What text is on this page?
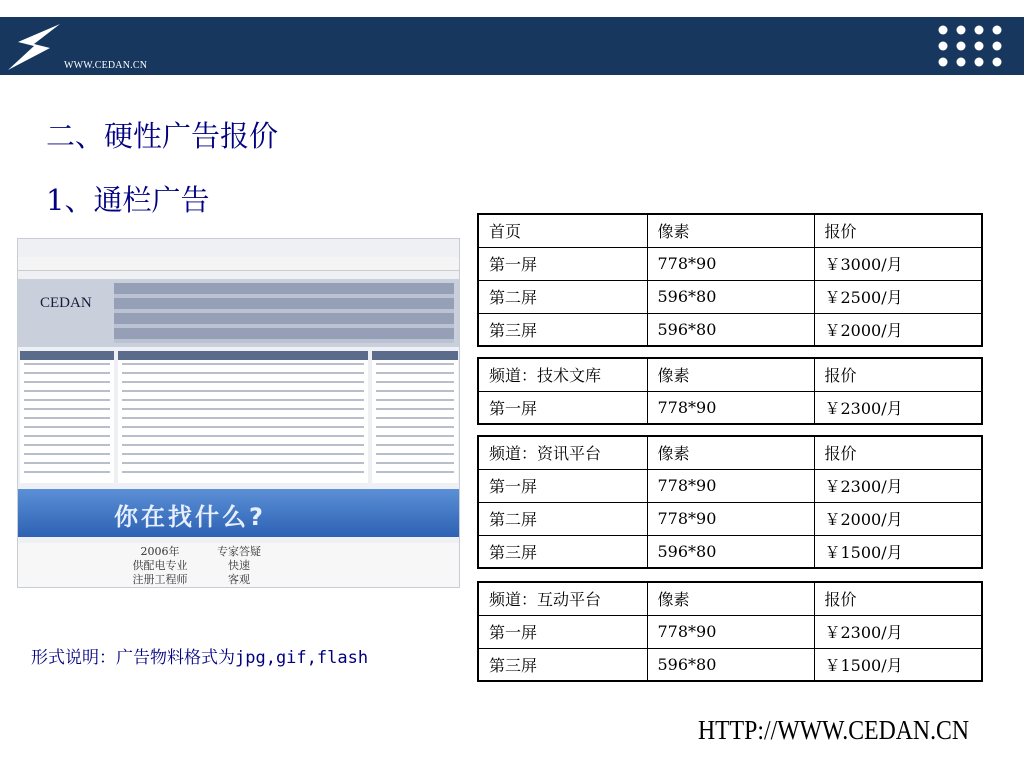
WWW.CEDAN.CN
二、硬性广告报价
1、通栏广告
CEDAN
你在找什么?
2006年
供配电专业
注册工程师
专家答疑
快速
客观
形式说明：广告物料格式为jpg,gif,flash
首页	像素	报价
第一屏	778*90	￥3000/月
第二屏	596*80	￥2500/月
第三屏	596*80	￥2000/月
频道：技术文库	像素	报价
第一屏	778*90	￥2300/月
频道：资讯平台	像素	报价
第一屏	778*90	￥2300/月
第二屏	778*90	￥2000/月
第三屏	596*80	￥1500/月
频道：互动平台	像素	报价
第一屏	778*90	￥2300/月
第三屏	596*80	￥1500/月
HTTP://WWW.CEDAN.CN
